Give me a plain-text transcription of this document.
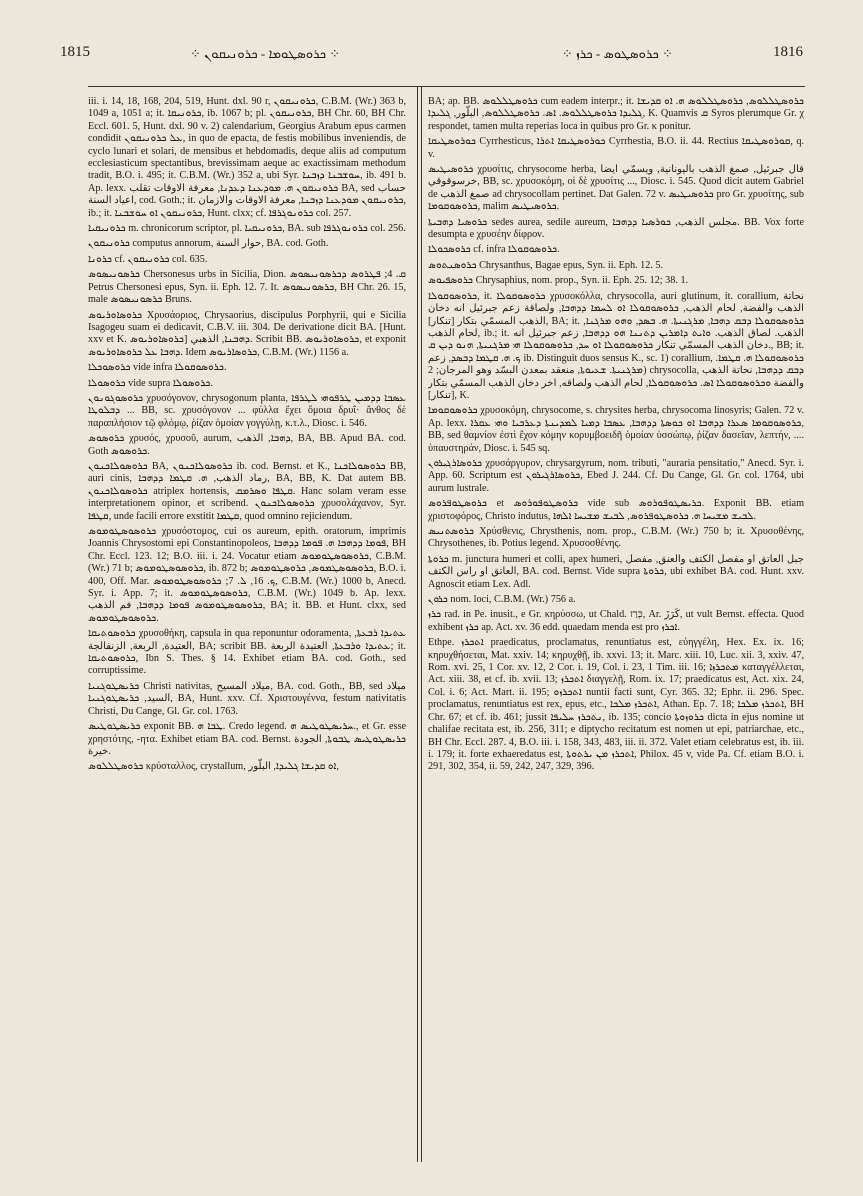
1815	⁘ ܟܪܘܣܛܘܡܐ - ܟܪܘܢܝܩܘܢ ⁘	⁘ ܟܪܘܣܛܘܣ - ܟܪܙ ⁘	1816

iii. i. 14, 18, 168, 204, 519, Hunt. dxl. 90 r, ܟܪܘܢܝܩܘܢ, C.B.M. (Wr.) 363 b, 1049 a, 1051 a; it. ܟܪܘܢܝܩܐ, ib. 1067 b; pl. ܟܪܘܢܝܩܘܢ, BH Chr. 60, BH Chr. Eccl. 601. 5, Hunt. dxl. 90 v. 2) calendarium, Georgius Arabum epus carmen condidit ܥܠ ܟܪܘܢܝܩܘܢ, in quo de epacta, de festis mobilibus inveniendis, de cyclo lunari et solari, de mensibus et hebdomadis, deque aliis ad computum ecclesiasticum spectantibus, brevissimam aeque ac exactissimam methodum tradit, B.O. i. 495; it. C.B.M. (Wr.) 352 a, ubi Syr. ܚܘܫܒܢܐ ܕܙܒܢܐ, ib. 491 b. Ap. lexx. ܟܪܘܢܝܩܘܢ ܗ. ܡܘܕܥܢܐ ܕܥܕܢܐ, معرفة الاوقات تقلب BA, sed حساب اعياد السنة, cod. Goth.; it. ܟܪܘܢܝܩܘܢ ܡܘܕܥܢܐ ܕܙܒܢܐ, معرفة الاوقات والازمان, ib.; it. ܟܪܘܢܝܩܘܢ ܐܘ ܚܘܫܒܢܐ, Hunt. clxx; cf. ܟܪܘܢܘܓܪܦܐ col. 257.

ܟܪܘܢܝܩܝܐ m. chronicorum scriptor, pl. ܟܪܘܢܝܩܝܐ, BA. sub ܟܪܘܢܘܓܪܦܐ col. 256.

ܟܪܘܢܝܩܘܢ computus annorum, حوار السنة, BA. cod. Goth.

ܟܪܘܢܐ cf. ܟܪܘܢܝܩܘܢ col. 635.

ܟܪܣܘܢܝܣܘܣ Chersonesus urbs in Sicilia, Dion. ܩ. 4; ܦܛܪܘܣ ܕܟܪܣܘܢܝܣܘܣ Petrus Chersonesi epus, Syn. ii. Eph. 12. 7. It. ܟܪܣܘܢܝܣܘܣ, BH Chr. 26. 15, male ܟܪܣܘܢܝܣܘܣ Bruns.

ܟܪܘܣܐܘܪܝܘܣ Χρυσάοριος, Chrysaorius, discipulus Porphyrii, qui e Sicilia Isagogeu suam ei dedicavit, C.B.V. iii. 304. De derivatione dicit BA. [Hunt. xxv et K. ܟܪܘܣܐܘܪܝܘܣ] ܕܗܒܢܐ, الذهبي. Scribit BB. ܟܪܘܣܐܘܪܝܘܣ, et exponit ܕܗܒܐ ܥܠ ܟܪܘܣܐܘܪܝܘܣ. Idem ܟܪܘܣܐܪܝܘܣ, C.B.M. (Wr.) 1156 a.

ܟܪܘܣܘܟܠܐ vide infra ܟܪܘܣܘܩܘܠܐ.

ܟܪܘܣܘܠܐ vide supra ܟܪܘܣܘܠܐ.

ܟܪܘܣܘܓܘܢܘܢ χρυσόγονον, chrysogonum planta, ܥܣܒܐ ܕܕܡܝܢ ܛܪܦܘܗܝ ܠܛܪܦܐ ܕܒܠܘܛܐ ... BB, sc. χρυσόγονον ... φύλλα ἔχει ὅμοια δρυΐ· ἄνθος δὲ παραπλήσιον τῷ φλόμῳ, ῥίζαν ὁμοίαν γογγύλῃ, κ.τ.λ., Diosc. i. 546.

ܟܪܘܣܘܣ χρυσός, χρυσοῦ, aurum, ܕܗܒܐ, الذهب, BA, BB. Apud BA. cod. Goth ܟܪܘܣܘܣ.

ܟܪܘܣܘܠܐܟܢܘܢ BA, ܟܪܘܣܘܠܐܟܢܘܢ ib. cod. Bernst. et K., ܟܪܘܣܘܠܐܟܢܐ BB, auri cinis, رماد الذهب, ܗ. ܩܛܡܐ ܕܕܗܒܐ, BA, BB, K. Dat autem BB. ܟܪܘܣܘܠܐܟܢܘܢ atriplex hortensis, ܩܛܦܐ ܘܣܪܡܩ. Hanc solam veram esse interpretationem opinor, et scribend. ܟܪܘܣܘܠܐܟܢܘܢ χρυσολάχανον, Syr. ܩܛܦܐ, unde facili errore exstitit ܩܛܡܐ, quod omnino rejiciendum.

ܟܪܘܣܘܣܛܘܡܘܣ χρυσόστομος, cui os aureum, epith. oratorum, imprimis Joannis Chrysostomi epi Constantinopoleos, ܦܘܡܐ ܕܕܗܒܐ ܗ. ܦܘܡܐ ܕܕܗܒܐ, BH Chr. Eccl. 123. 12; B.O. iii. i. 24. Vocatur etiam ܟܪܘܣܘܣܛܘܡܘܣ, C.B.M. (Wr.) 71 b; ܟܪܘܣܘܣܛܘܡܘܣ, ib. 872 b; ܟܪܘܣܘܣܛܡܘܣ, ܟܪܘܣܛܘܡܘܣ, B.O. i. 400, Off. Mar. ܟ. 16, ܠ. 7; ܟܪܘܣܘܣܛܘܡܘܣ, C.B.M. (Wr.) 1000 b, Anecd. Syr. i. App. 7; it. ܟܪܘܣܘܣܛܘܡܘܣ, C.B.M. (Wr.) 1049 b. Ap. lexx. ܟܪܘܣܘܣܛܘܡܘܣ ܦܘܡܐ ܕܕܗܒܐ, فم الذهب, BA; it. BB. et Hunt. clxx, sed ܟܪܘܣܘܣܛܘܡܘܣ.

ܟܪܘܣܘܬܝܩܐ χρυσοθήκη, capsula in qua reponuntur odoramenta, ܥܬܝܕܐ ܪܒܥܬܐ, العتيدة, الربعة, الزنفالجة, BA; scribit BB. ܥܬܝܕܐ ܘܪܒܥܬܐ, العتيدة الربعة; it. ܟܪܘܣܘܬܝܩܐ, Ibn S. Thes. § 14. Exhibet etiam BA. cod. Goth., sed corruptissime.

ܟܪܝܣܛܘܓܢܝܐ Christi nativitas, ميلاد المسيح, BA. cod. Goth., BB, sed ميلاد السيد, ܟܪܝܣܛܘܓܢܝܐ, BA, Hunt. xxv. Cf. Χριστουγέννα, festum nativitatis Christi, Du Cange, Gl. Gr. col. 1763.

ܟܪܝܣܛܘܛܝܣ exponit BB. ܛܒܐ ܗ. Credo legend. ܚܪܝܣܛܘܛܝܣ ܗ., et Gr. esse χρηστότης, -ητα. Exhibet etiam BA. cod. Bernst. ܟܪܝܣܛܘܛܝܣ ܛܒܘܬܐ, الجودة خيرة.

ܟܪܘܣܛܠܠܘܣ κρύσταλλος, crystallum, ܐܘ ܩܕܝܫܐ ܓܠܝܕܐ, البلّور,

BA; ap. BB. ܟܪܘܣܛܠܠܘܣ cum eadem interpr.; it. ܟܪܘܣܛܠܠܘܣ, ܟܪܘܣܛܠܠܘܣ ܗ. ܐܘ ܩܕܝܫܐ ܓܠܝܕܐ ܟܪܘܣܛܠܠܘܣ. ܐܣ. ܟܪܘܣܛܠܠܘܣ, البلّور, ܓܠܝܕܐ, K. Quamvis ܩ Syros plerumque Gr. χ respondet, tamen multa reperias loca in quibus pro Gr. κ ponitur.

ܟܘܪܘܣܛܝܩܐ Cyrrhesticus, ܟܘܪܘܣܛܝܩܐ ܐܬܪܐ Cyrrhestia, B.O. ii. 44. Rectius ܩܘܪܘܣܛܝܩܐ, q. v.

ܟܪܘܣܝܛܝܣ χρυσίτις, chrysocome herba, قال جبرئيل, صمغ الذهب باليونانية, ويسمّي ايضا خرسوقوقي, BB, sc. χρυσοκόμη, οἱ δὲ χρυσίτις ..., Diosc. i. 545. Quod dicit autem Gabriel de صمغ الذهب ad chrysocollam pertinet. Dat Galen. 72 v. ܟܪܘܣܝܛܝܣ pro Gr. χρυσίτης, sub ܟܪܘܣܘܩܘܡܐ, malim ܟܪܘܣܝܛܝܣ.

ܟܪܘܣܝܐ ܕܗܒܝܬܐ sedes aurea, sedile aureum, مجلس الذهب, ܟܘܪܣܝܐ ܕܕܗܒܐ. BB. Vox forte desumpta e χρυσέην δίφρον.

ܟܪܘܣܟܘܠܐ cf. infra ܟܪܘܣܘܩܘܠܐ.

ܟܪܘܣܢܬܘܣ Chrysanthus, Bagae epus, Syn. ii. Eph. 12. 5.

ܟܪܘܣܦܝܘܣ Chrysaphius, nom. prop., Syn. ii. Eph. 25. 12; 38. 1.

ܟܪܘܣܘܩܘܠܐ, it. ܟܪܘܣܘܩܘܠܐ χρυσοκόλλα, chrysocolla, auri glutinum, it. corallium, نحاتة الذهب والفضة, لحام الذهب, ܟܪܘܣܘܩܘܠܐ ܐܘ ܠܚܡܐ ܕܕܗܒܐ, ولصاقة زعم جبرئيل انه دخان الذهب المسمّي بتكار [تنكار], BA; it. ܟܪܘܣܘܩܘܠܐ ܕܒܩ ܕܗܒܐ, ܡܪܓܢܝܬܐ. ܗ. ܒܣܕ, ܘܗܘ ܡܪܓܢܐ, لحام الذهب, ib.; it. الذهب. لصاق الذهب. ܘܐܝܬ ܕܐܡܪܝܢ ܕܬܢܢܐ ܗܘ ܕܕܗܒܐ, زعم جبرئيل انه دخان الذهب المسمّي تنكار ܟܪܘܣܘܩܘܠܐ ܐܘ ܚܕ, ܟܪܘܣܘܩܘܠܐ ܗܝ ܡܪܓܢܝܬܐ, ܗܢܘ ܕܝܢ ܩ., BB; it. ܟ. ܗ. ܩܛܡܐ ܕܒܣܕ, زعم ib. Distinguit duos sensus K., sc. 1) corallium, ܟܪܘܣܘܩܘܠܐ ܗ. ܩܛܡܐ. ܡܪܓܢܝܬܐ. ܫܥܝܘܬܐ, منعقد بمعدن البسّد وهو المرجان; 2) chrysocolla, ܕܒܩ ܕܕܗܒܐ, نحاتة الذهب والفضة ܘܟܪܘܣܘܩܘܠܐ ܐܣ. ܟܪܘܣܘܩܘܠܐ, لحام الذهب ولصاقه, اخر دخان الذهب المسمّي بتكار [تنكار], K.

ܟܪܘܣܘܩܘܡܐ χρυσοκόμη, chrysocome, s. chrysites herba, chrysocoma linosyris; Galen. 72 v. Ap. lexx. ܟܪܘܣܘܩܘܡܐ ܣܥܪܐ ܕܕܗܒܐ ܐܘ ܟܘܣܬܐ ܕܕܗܒܐ, ܥܣܒܐ ܕܡܝܐ ܠܡܕܝܢܬܐ ܕܥܪܒܝܐ ܘܗܝ ܥܩܪܐ, BB, sed θαμνίον ἐστὶ ἔχον κόμην κορυμβοειδῆ ὁμοίαν ὑσσώπῳ, ῥίζαν δασεῖαν, λεπτήν, .... ὑπαυστηράν, Diosc. i. 545 sq.

ܟܪܘܣܐܪܓܝܪܘܢ χρυσάργυρον, chrysargyrum, nom. tributi, "auraria pensitatio," Anecd. Syr. i. App. 60. Scriptum est ܟܪܘܣܐܪܓܝܪܘܢ, Ebed J. 244. Cf. Du Cange, Gl. Gr. col. 1764, ubi aurum lustrale.

ܟܪܘܣܛܘܦܪܘܣ et ܟܪܘܣܛܘܦܘܪܘܣ vide sub ܟܪܝܣܛܘܦܘܪܘܣ. Exponit BB. etiam χριστοφόρος, Christo indutus, ܠܒܝܫ ܡܫܝܚܐ ܗ. ܟܪܘܣܛܘܦܪܘܣ, ܠܒܝܫ ܡܫܝܚܐ ܐܠܗܐ.

ܟܪܘܣܬܢܝܣ Χρύσθενις, Chrysthenis, nom. prop., C.B.M. (Wr.) 750 b; it. Χρυσοθένης, Chrysothenes, ib. Potius legend. Χρυσοσθένης.

ܟܪܘܬܐ m. junctura humeri et colli, apex humeri, جبل العاتق او مفصل الكتف والعنق, مفصل العاتق او راس الكتف, BA. cod. Bernst. Vide supra ܟܪܘܬܐ, ubi exhibet BA. cod. Hunt. xxv. Agnoscit etiam Lex. Adl.

ܟܪܘܢ nom. loci, C.B.M. (Wr.) 756 a.

ܟܪܙ rad. in Pe. inusit., e Gr. κηρύσσω, ut Chald. כְּרַז, Ar. كَرَزَ, ut vult Bernst. effecta. Quod exhibent ܟܪܙ ap. Act. xv. 36 edd. quaedam menda est pro ܐܟܪܙ.

Ethpe. ܐܬܟܪܙ praedicatus, proclamatus, renuntiatus est, εὐηγγέλη, Hex. Ex. ix. 16; κηρυχθήσεται, Mat. xxiv. 14; κηρυχθῇ, ib. xxvi. 13; it. Marc. xiii. 10, Luc. xii. 3, xxiv. 47, Rom. xvi. 25, 1 Cor. xv. 12, 2 Cor. i. 19, Col. i. 23, 1 Tim. iii. 16; ܡܬܟܪܙܐ καταγγέλλεται, Act. xiii. 38, et cf. ib. xvii. 13; ܐܬܟܪܙ διαγγελῇ, Rom. ix. 17; praedicatus est, Act. xix. 24, Col. i. 6; Act. Mart. ii. 195; ܐܬܟܪܙܘ nuntii facti sunt, Cyr. 365. 32; Ephr. ii. 296. Spec. proclamatus, renuntiatus est rex, epus, etc., ܐܬܟܪܙ ܡܠܟܐ, Athan. Ep. 7. 18; ܐܬܟܪܙ ܡܠܟܐ, BH Chr. 67; et cf. ib. 461; jussit ܢܬܟܪܙ ܚܠܝܦܐ, ib. 135; concio ܟܪܘܙܘܬܐ dicta in ejus nomine ut chalifae recitata est, ib. 256, 311; e diptycho recitatum est nomen ut epi, patriarchae, etc., BH Chr. Eccl. 287. 4, B.O. iii. i. 158, 343, 483, iii. ii. 372. Valet etiam celebratus est, ib. iii. i. 179; it. forte exhaeredatus est, ܐܬܟܪܙ ܡܢ ܝܪܬܘܬܐ, Philox. 45 v, vide Pa. Cf. etiam B.O. i. 291, 302, 354, ii. 59, 242, 247, 329, 396.
